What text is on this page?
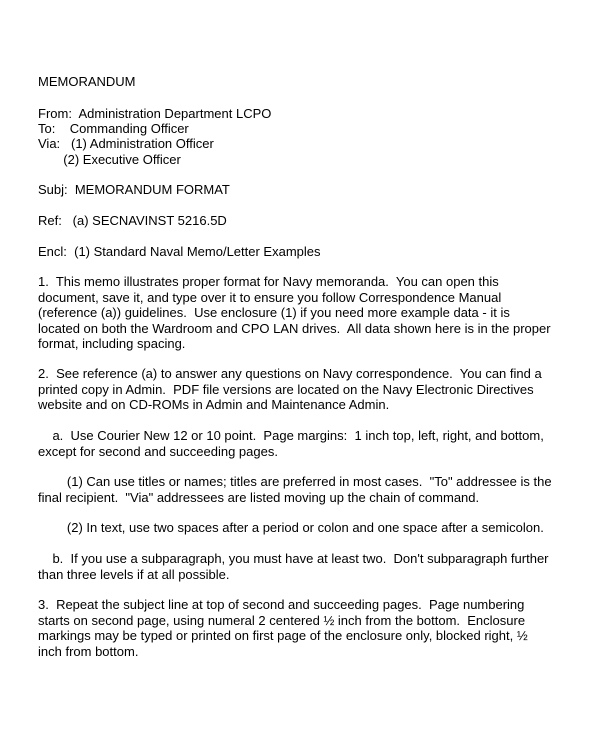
MEMORANDUM

From:  Administration Department LCPO

To:    Commanding Officer

Via:   (1) Administration Officer

(2) Executive Officer

Subj:  MEMORANDUM FORMAT

Ref:   (a) SECNAVINST 5216.5D

Encl:  (1) Standard Naval Memo/Letter Examples

1.  This memo illustrates proper format for Navy memoranda.  You can open this
document, save it, and type over it to ensure you follow Correspondence Manual
(reference (a)) guidelines.  Use enclosure (1) if you need more example data - it is
located on both the Wardroom and CPO LAN drives.  All data shown here is in the proper
format, including spacing.

2.  See reference (a) to answer any questions on Navy correspondence.  You can find a
printed copy in Admin.  PDF file versions are located on the Navy Electronic Directives
website and on CD-ROMs in Admin and Maintenance Admin.

a.  Use Courier New 12 or 10 point.  Page margins:  1 inch top, left, right, and bottom,
except for second and succeeding pages.

(1) Can use titles or names; titles are preferred in most cases.  "To" addressee is the
final recipient.  "Via" addressees are listed moving up the chain of command.

(2) In text, use two spaces after a period or colon and one space after a semicolon.

b.  If you use a subparagraph, you must have at least two.  Don't subparagraph further
than three levels if at all possible.

3.  Repeat the subject line at top of second and succeeding pages.  Page numbering
starts on second page, using numeral 2 centered ½ inch from the bottom.  Enclosure
markings may be typed or printed on first page of the enclosure only, blocked right, ½
inch from bottom.
